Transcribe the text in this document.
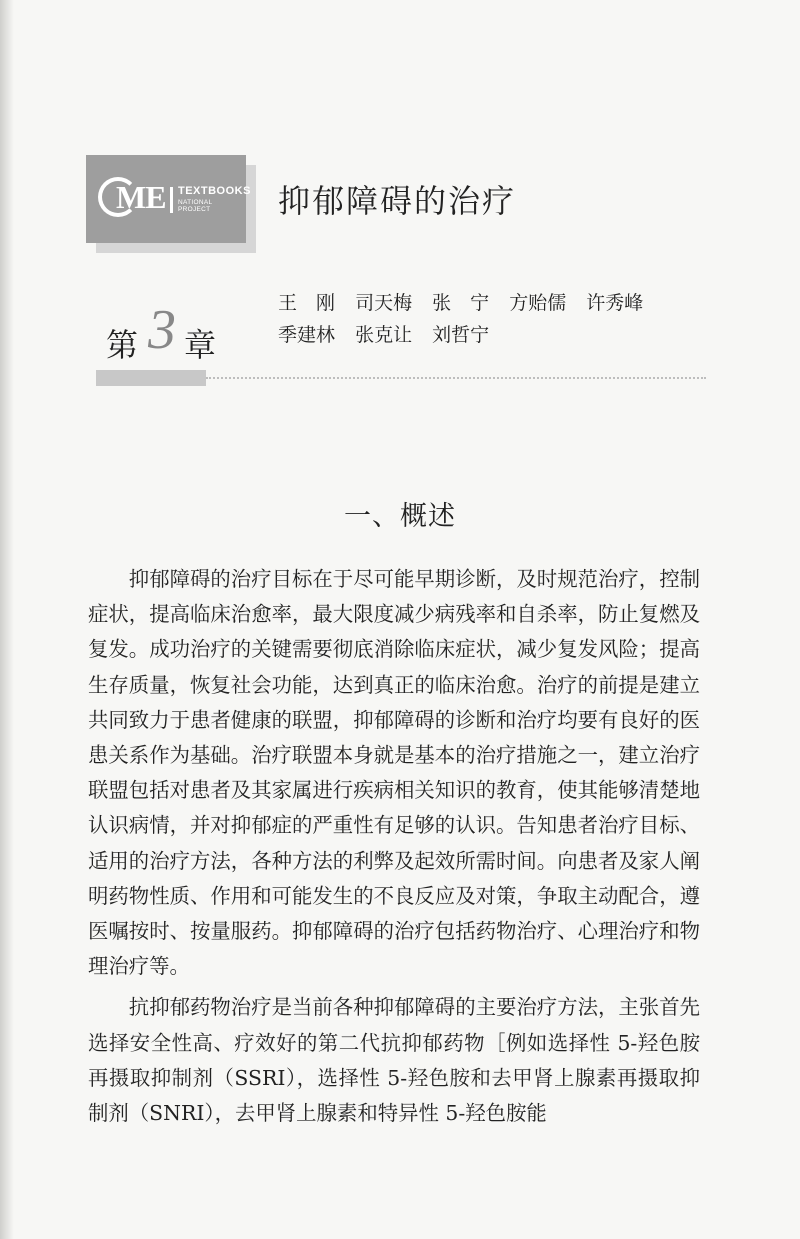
ME TEXTBOOKS
NATIONAL PROJECT	抑郁障碍的治疗
王　刚 司天梅 张　宁 方贻儒 许秀峰
季建林 张克让 刘哲宁
第 3 章
一、概述

抑郁障碍的治疗目标在于尽可能早期诊断，及时规范治疗，控制症状，提高临床治愈率，最大限度减少病残率和自杀率，防止复燃及复发。成功治疗的关键需要彻底消除临床症状，减少复发风险；提高生存质量，恢复社会功能，达到真正的临床治愈。治疗的前提是建立共同致力于患者健康的联盟，抑郁障碍的诊断和治疗均要有良好的医患关系作为基础。治疗联盟本身就是基本的治疗措施之一，建立治疗联盟包括对患者及其家属进行疾病相关知识的教育，使其能够清楚地认识病情，并对抑郁症的严重性有足够的认识。告知患者治疗目标、适用的治疗方法，各种方法的利弊及起效所需时间。向患者及家人阐明药物性质、作用和可能发生的不良反应及对策，争取主动配合，遵医嘱按时、按量服药。抑郁障碍的治疗包括药物治疗、心理治疗和物理治疗等。

抗抑郁药物治疗是当前各种抑郁障碍的主要治疗方法，主张首先选择安全性高、疗效好的第二代抗抑郁药物［例如选择性 5-羟色胺再摄取抑制剂（SSRI），选择性 5-羟色胺和去甲肾上腺素再摄取抑制剂（SNRI），去甲肾上腺素和特异性 5-羟色胺能
